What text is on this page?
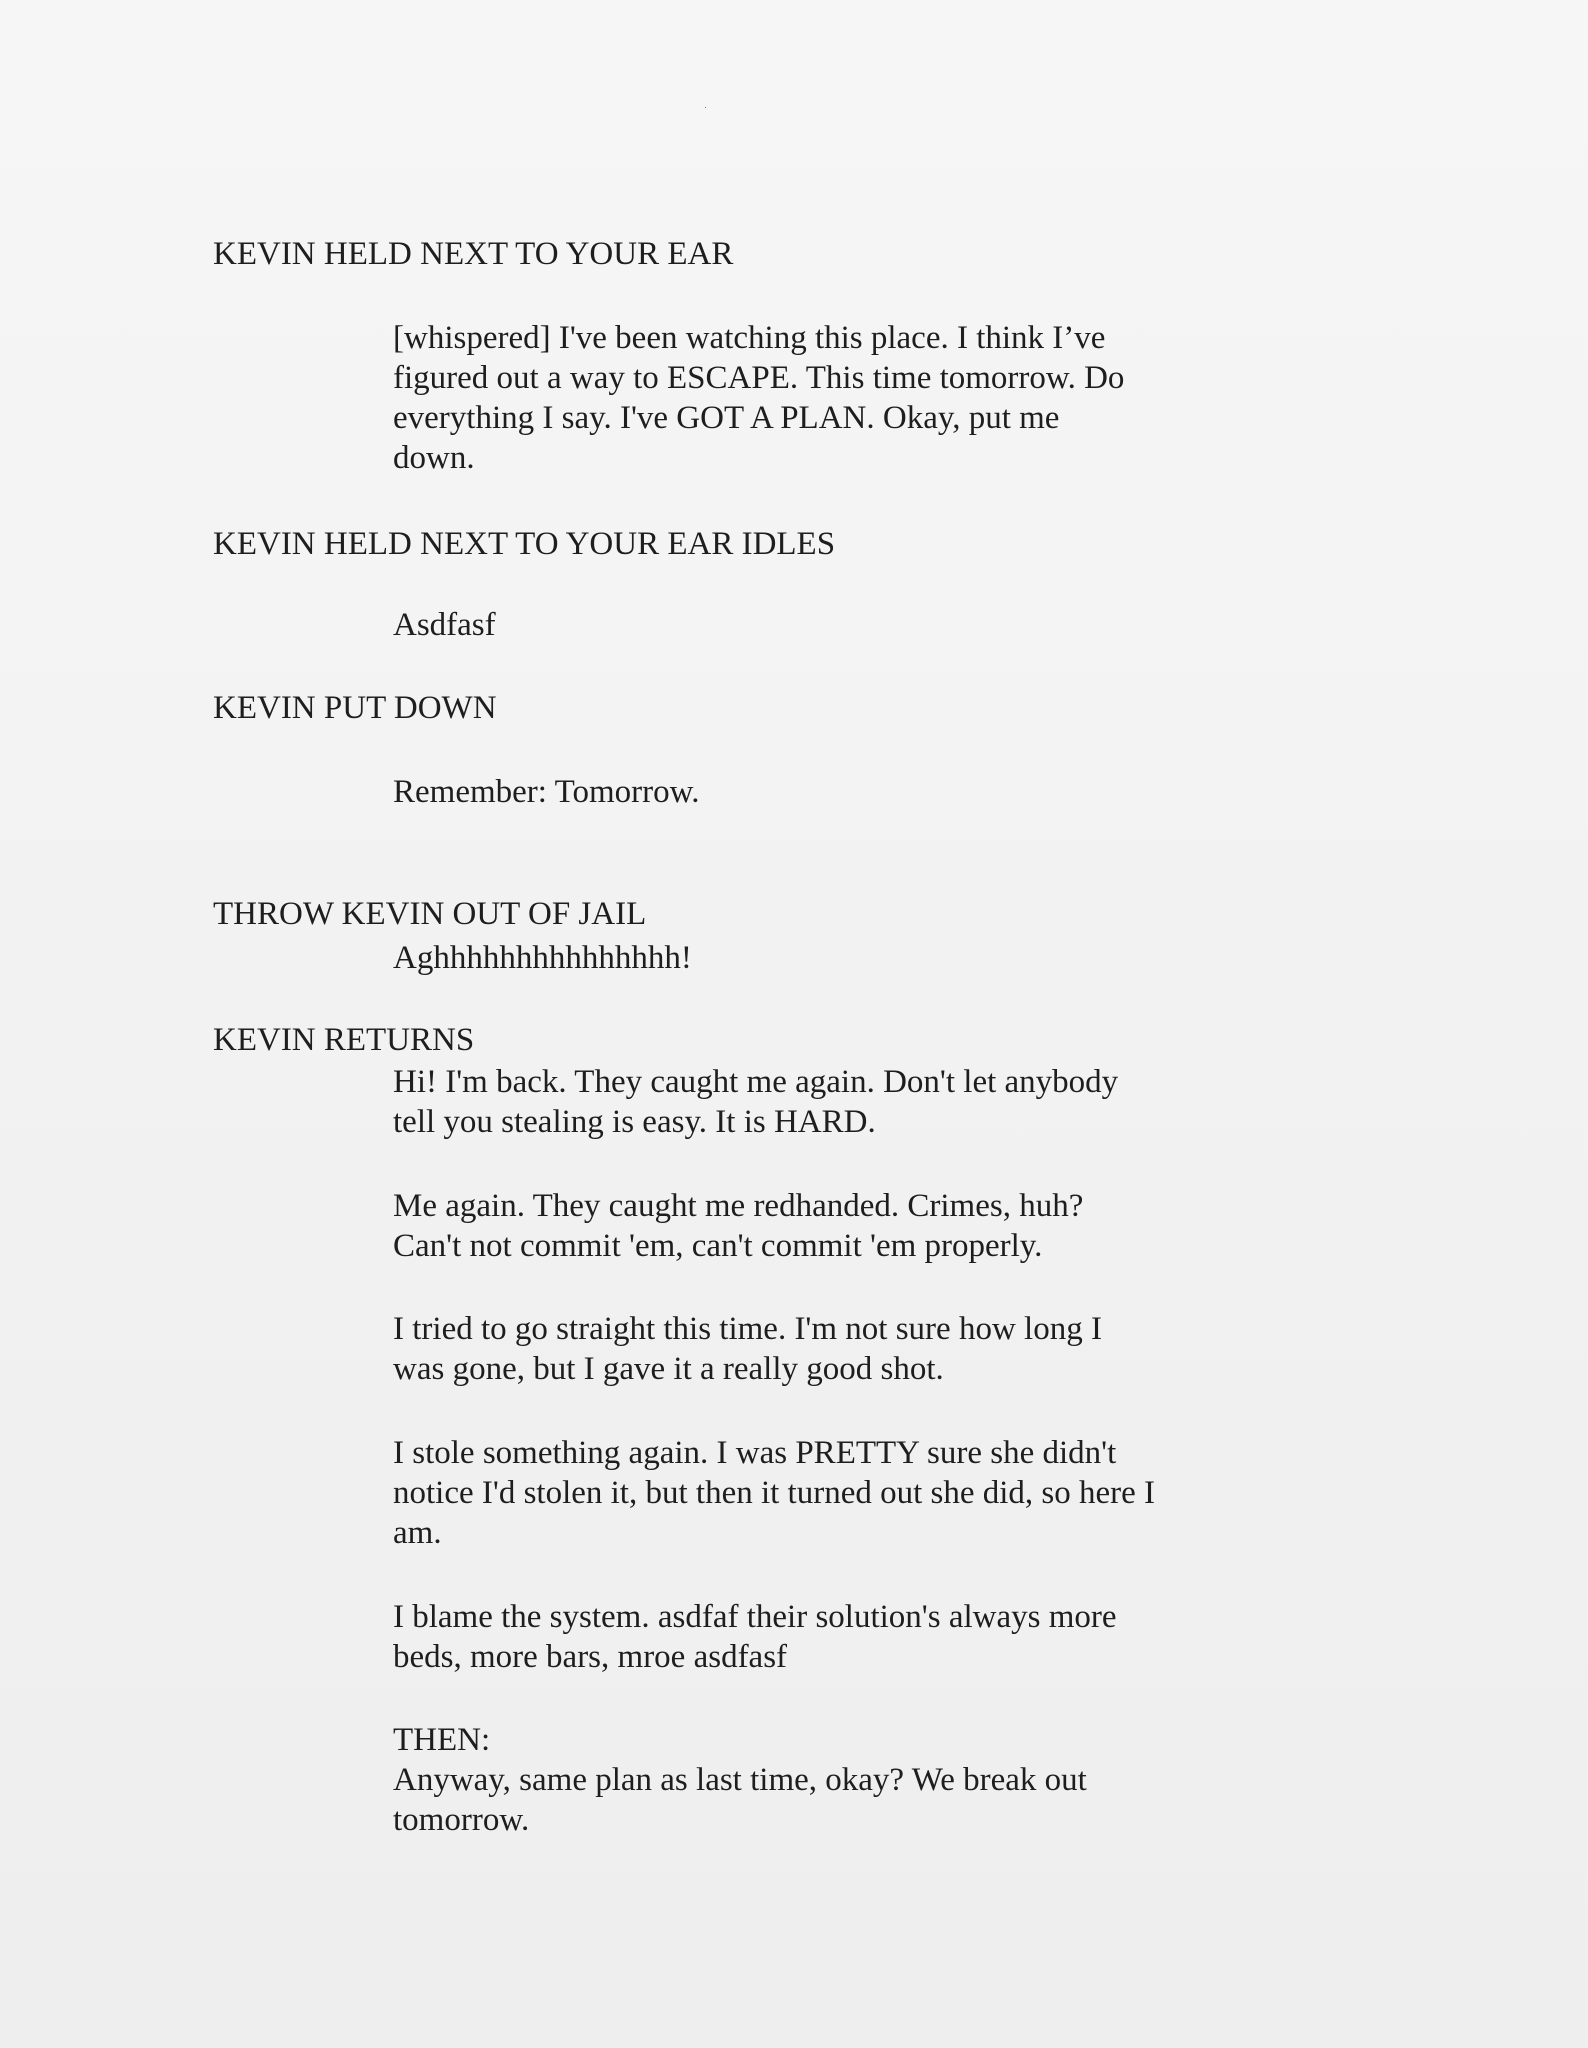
KEVIN HELD NEXT TO YOUR EAR

[whispered] I've been watching this place. I think I’ve
figured out a way to ESCAPE. This time tomorrow. Do
everything I say. I've GOT A PLAN. Okay, put me
down.

KEVIN HELD NEXT TO YOUR EAR IDLES

Asdfasf

KEVIN PUT DOWN

Remember: Tomorrow.

THROW KEVIN OUT OF JAIL

Aghhhhhhhhhhhhhhh!

KEVIN RETURNS

Hi! I'm back. They caught me again. Don't let anybody
tell you stealing is easy. It is HARD.

Me again. They caught me redhanded. Crimes, huh?
Can't not commit 'em, can't commit 'em properly.

I tried to go straight this time. I'm not sure how long I
was gone, but I gave it a really good shot.

I stole something again. I was PRETTY sure she didn't
notice I'd stolen it, but then it turned out she did, so here I
am.

I blame the system. asdfaf their solution's always more
beds, more bars, mroe asdfasf

THEN:
Anyway, same plan as last time, okay? We break out
tomorrow.
